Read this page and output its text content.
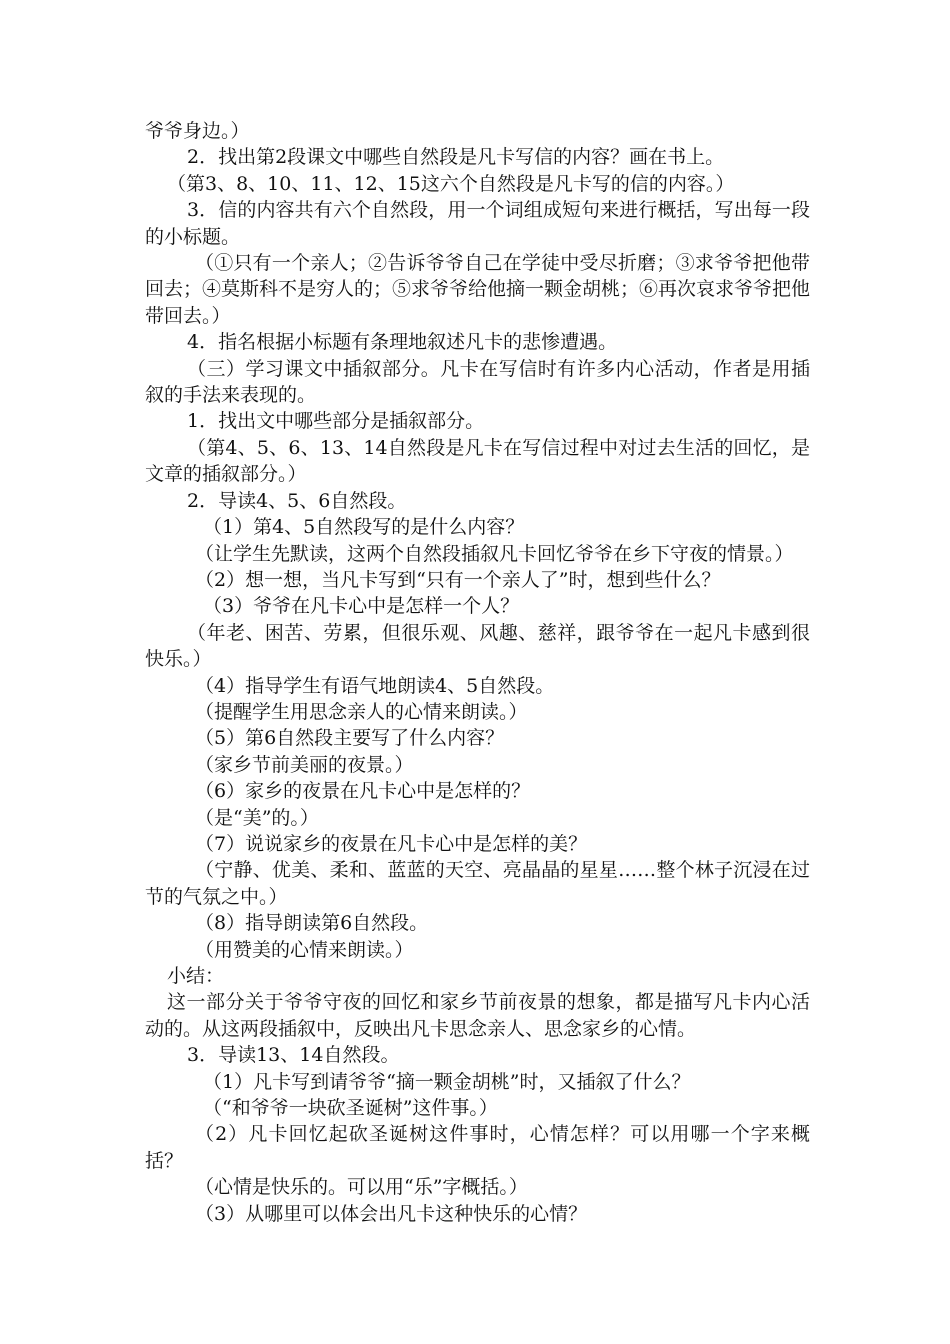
爷爷身边。）

2．找出第2段课文中哪些自然段是凡卡写信的内容？画在书上。

（第3、8、10、11、12、15这六个自然段是凡卡写的信的内容。）

3．信的内容共有六个自然段，用一个词组成短句来进行概括，写出每一段的小标题。

（①只有一个亲人；②告诉爷爷自己在学徒中受尽折磨；③求爷爷把他带回去；④莫斯科不是穷人的；⑤求爷爷给他摘一颗金胡桃；⑥再次哀求爷爷把他带回去。）

4．指名根据小标题有条理地叙述凡卡的悲惨遭遇。

（三）学习课文中插叙部分。凡卡在写信时有许多内心活动，作者是用插叙的手法来表现的。

1．找出文中哪些部分是插叙部分。

（第4、5、6、13、14自然段是凡卡在写信过程中对过去生活的回忆，是文章的插叙部分。）

2．导读4、5、6自然段。

（1）第4、5自然段写的是什么内容？

（让学生先默读，这两个自然段插叙凡卡回忆爷爷在乡下守夜的情景。）

（2）想一想，当凡卡写到“只有一个亲人了”时，想到些什么？

（3）爷爷在凡卡心中是怎样一个人？

（年老、困苦、劳累，但很乐观、风趣、慈祥，跟爷爷在一起凡卡感到很快乐。）

（4）指导学生有语气地朗读4、5自然段。

（提醒学生用思念亲人的心情来朗读。）

（5）第6自然段主要写了什么内容？

（家乡节前美丽的夜景。）

（6）家乡的夜景在凡卡心中是怎样的？

（是“美”的。）

（7）说说家乡的夜景在凡卡心中是怎样的美？

（宁静、优美、柔和、蓝蓝的天空、亮晶晶的星星……整个林子沉浸在过节的气氛之中。）

（8）指导朗读第6自然段。

（用赞美的心情来朗读。）

小结：

这一部分关于爷爷守夜的回忆和家乡节前夜景的想象，都是描写凡卡内心活动的。从这两段插叙中，反映出凡卡思念亲人、思念家乡的心情。

3．导读13、14自然段。

（1）凡卡写到请爷爷“摘一颗金胡桃”时，又插叙了什么？

（“和爷爷一块砍圣诞树”这件事。）

（2）凡卡回忆起砍圣诞树这件事时，心情怎样？可以用哪一个字来概括？

（心情是快乐的。可以用“乐”字概括。）

（3）从哪里可以体会出凡卡这种快乐的心情？
